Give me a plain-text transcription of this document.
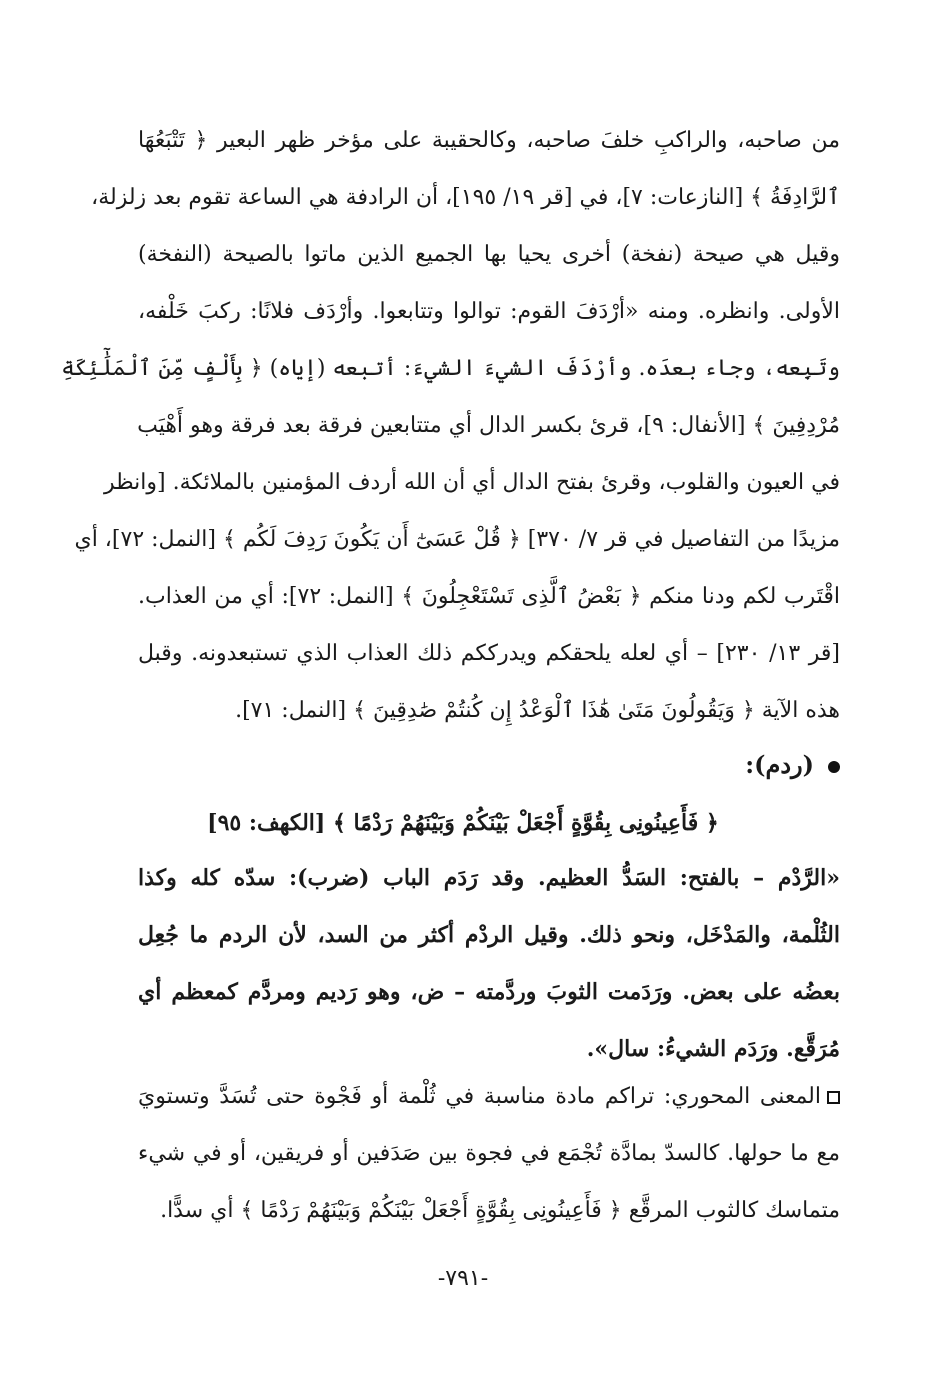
من صاحبه، والراكبِ خلفَ صاحبه، وكالحقيبة على مؤخر ظهر البعير ﴿ تَتْبَعُهَا
ٱلرَّادِفَةُ ﴾ [النازعات: ٧]، في [قر ١٩/ ١٩٥]، أن الرادفة هي الساعة تقوم بعد زلزلة،
وقيل هي صيحة (نفخة) أخرى يحيا بها الجميع الذين ماتوا بالصيحة (النفخة)
الأولى. وانظره. ومنه «أرْدَفَ القوم: توالوا وتتابعوا. وأرْدَف فلانًا: ركبَ خَلْفه،
وتَبِعه، وجاء بعدَه. وأرْدَفَ الشيءَ الشيءَ: أتبعه (إياه) ﴿ بِأَلْفٍ مِّنَ ٱلْمَلَٰٓئِكَةِ
مُرْدِفِينَ ﴾ [الأنفال: ٩]، قرئ بكسر الدال أي متتابعين فرقة بعد فرقة وهو أَهْيَب
في العيون والقلوب، وقرئ بفتح الدال أي أن الله أردف المؤمنين بالملائكة. [وانظر
مزيدًا من التفاصيل في قر ٧/ ٣٧٠] ﴿ قُلْ عَسَىٰٓ أَن يَكُونَ رَدِفَ لَكُم ﴾ [النمل: ٧٢]، أي
اقْتَرب لكم ودنا منكم ﴿ بَعْضُ ٱلَّذِى تَسْتَعْجِلُونَ ﴾ [النمل: ٧٢]: أي من العذاب.
[قر ١٣/ ٢٣٠] – أي لعله يلحقكم ويدرككم ذلك العذاب الذي تستبعدونه. وقبل
هذه الآية ﴿ وَيَقُولُونَ مَتَىٰ هَٰذَا ٱلْوَعْدُ إِن كُنتُمْ صَٰدِقِينَ ﴾ [النمل: ٧١].
(ردم):
﴿ فَأَعِينُونِى بِقُوَّةٍ أَجْعَلْ بَيْنَكُمْ وَبَيْنَهُمْ رَدْمًا ﴾ [الكهف: ٩٥]
«الرَّدْم – بالفتح: السَدُّ العظيم. وقد رَدَم الباب (ضرب): سدّه كله وكذا
الثُلْمة، والمَدْخَل، ونحو ذلك. وقيل الردْم أكثر من السد، لأن الردم ما جُعِل
بعضُه على بعض. ورَدَمت الثوبَ وردَّمته – ض، وهو رَديم ومردَّم كمعظم أي
مُرَقَّع. ورَدَم الشيءُ: سال».
المعنى المحوري: تراكم مادة مناسبة في ثُلْمة أو فَجْوة حتى تُسَدَّ وتستويَ
مع ما حولها. كالسدّ بمادَّة تُجْمَع في فجوة بين صَدَفين أو فريقين، أو في شيء
متماسك كالثوب المرقَّع ﴿ فَأَعِينُونِى بِقُوَّةٍ أَجْعَلْ بَيْنَكُمْ وَبَيْنَهُمْ رَدْمًا ﴾ أي سدًّا.
-٧٩١-
